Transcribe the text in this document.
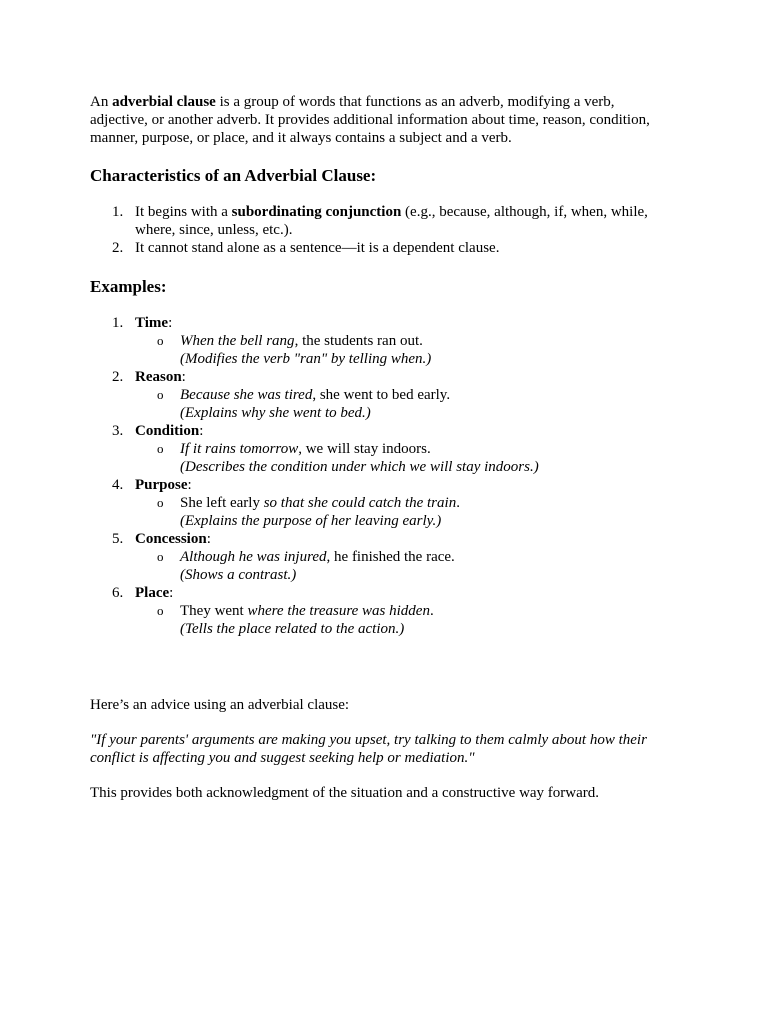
An adverbial clause is a group of words that functions as an adverb, modifying a verb, adjective, or another adverb. It provides additional information about time, reason, condition, manner, purpose, or place, and it always contains a subject and a verb.

Characteristics of an Adverbial Clause:
1. It begins with a subordinating conjunction (e.g., because, although, if, when, while, where, since, unless, etc.).
2. It cannot stand alone as a sentence—it is a dependent clause.
Examples:
1. Time:
o When the bell rang, the students ran out.
(Modifies the verb "ran" by telling when.)
2. Reason:
o Because she was tired, she went to bed early.
(Explains why she went to bed.)
3. Condition:
o If it rains tomorrow, we will stay indoors.
(Describes the condition under which we will stay indoors.)
4. Purpose:
o She left early so that she could catch the train.
(Explains the purpose of her leaving early.)
5. Concession:
o Although he was injured, he finished the race.
(Shows a contrast.)
6. Place:
o They went where the treasure was hidden.
(Tells the place related to the action.)

Here’s an advice using an adverbial clause:

"If your parents' arguments are making you upset, try talking to them calmly about how their conflict is affecting you and suggest seeking help or mediation."

This provides both acknowledgment of the situation and a constructive way forward.
